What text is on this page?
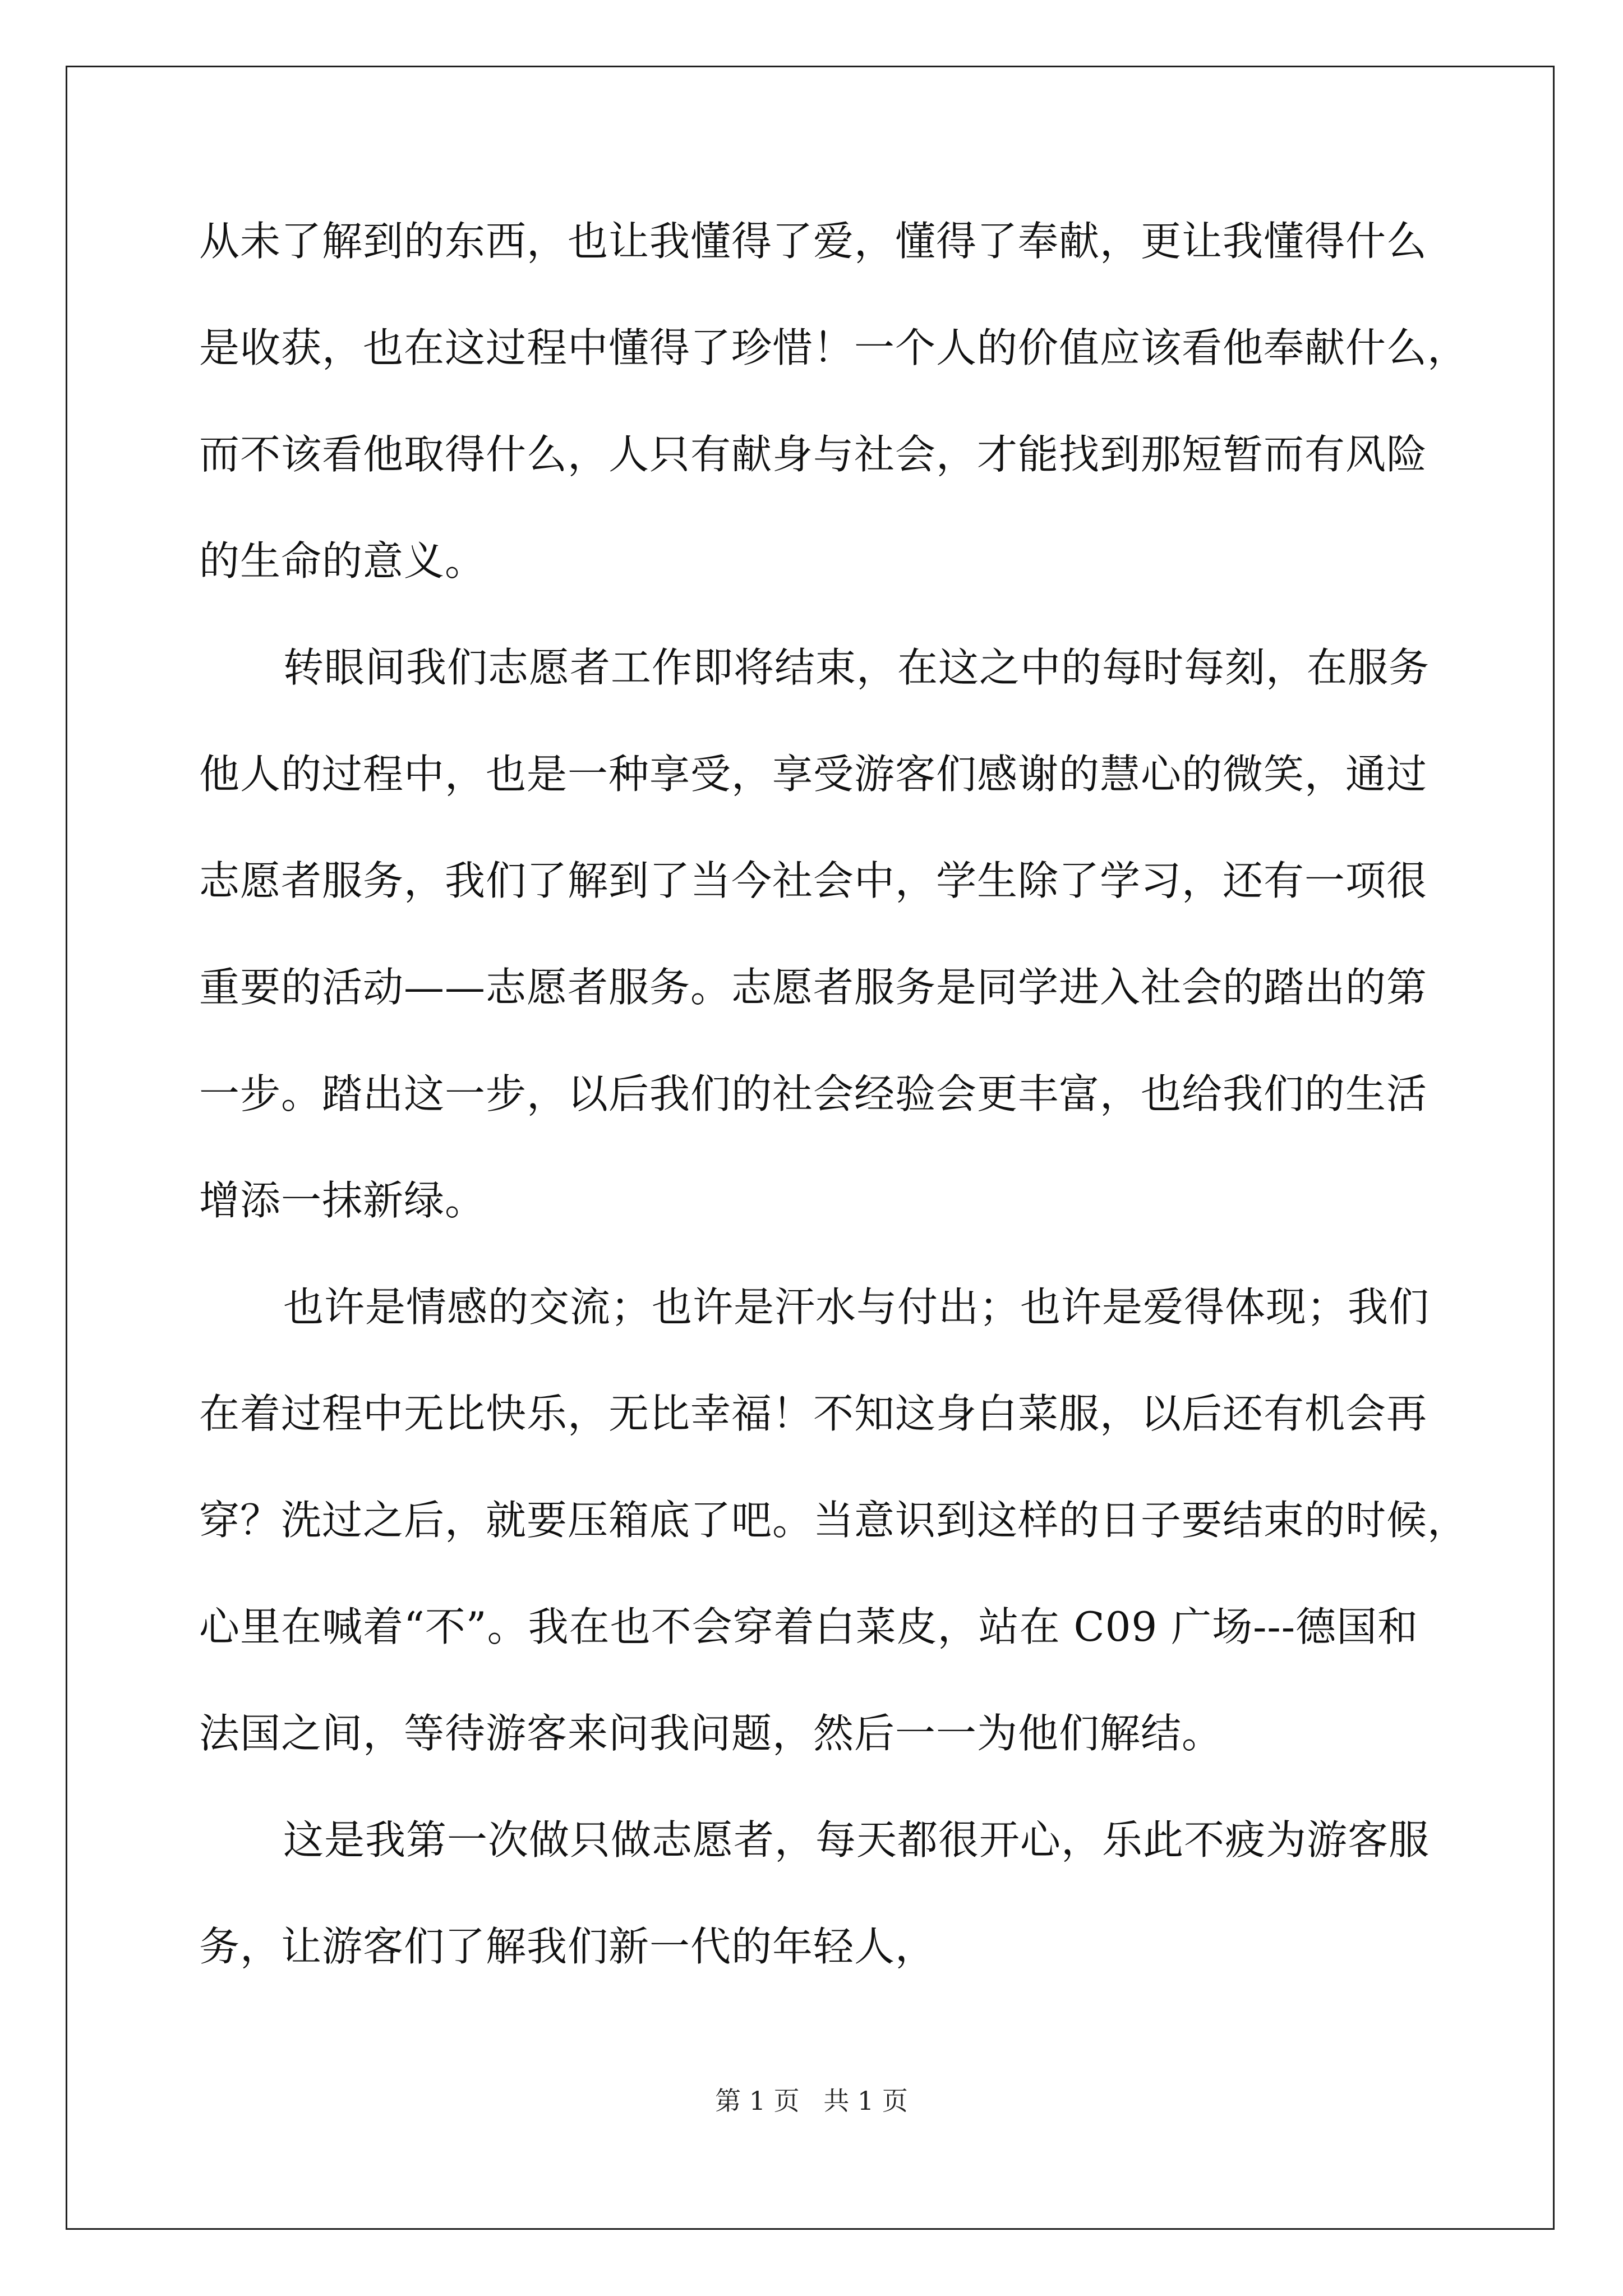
从未了解到的东西，也让我懂得了爱，懂得了奉献，更让我懂得什么
是收获，也在这过程中懂得了珍惜！一个人的价值应该看他奉献什么，
而不该看他取得什么，人只有献身与社会，才能找到那短暂而有风险
的生命的意义。
转眼间我们志愿者工作即将结束，在这之中的每时每刻，在服务
他人的过程中，也是一种享受，享受游客们感谢的慧心的微笑，通过
志愿者服务，我们了解到了当今社会中，学生除了学习，还有一项很
重要的活动——志愿者服务。志愿者服务是同学进入社会的踏出的第
一步。踏出这一步，以后我们的社会经验会更丰富，也给我们的生活
增添一抹新绿。
也许是情感的交流；也许是汗水与付出；也许是爱得体现；我们
在着过程中无比快乐，无比幸福！不知这身白菜服，以后还有机会再
穿？洗过之后，就要压箱底了吧。当意识到这样的日子要结束的时候，
心里在喊着“不”。我在也不会穿着白菜皮，站在 C09 广场---德国和
法国之间，等待游客来问我问题，然后一一为他们解结。
这是我第一次做只做志愿者，每天都很开心，乐此不疲为游客服
务，让游客们了解我们新一代的年轻人，
第 1 页 共 1 页
